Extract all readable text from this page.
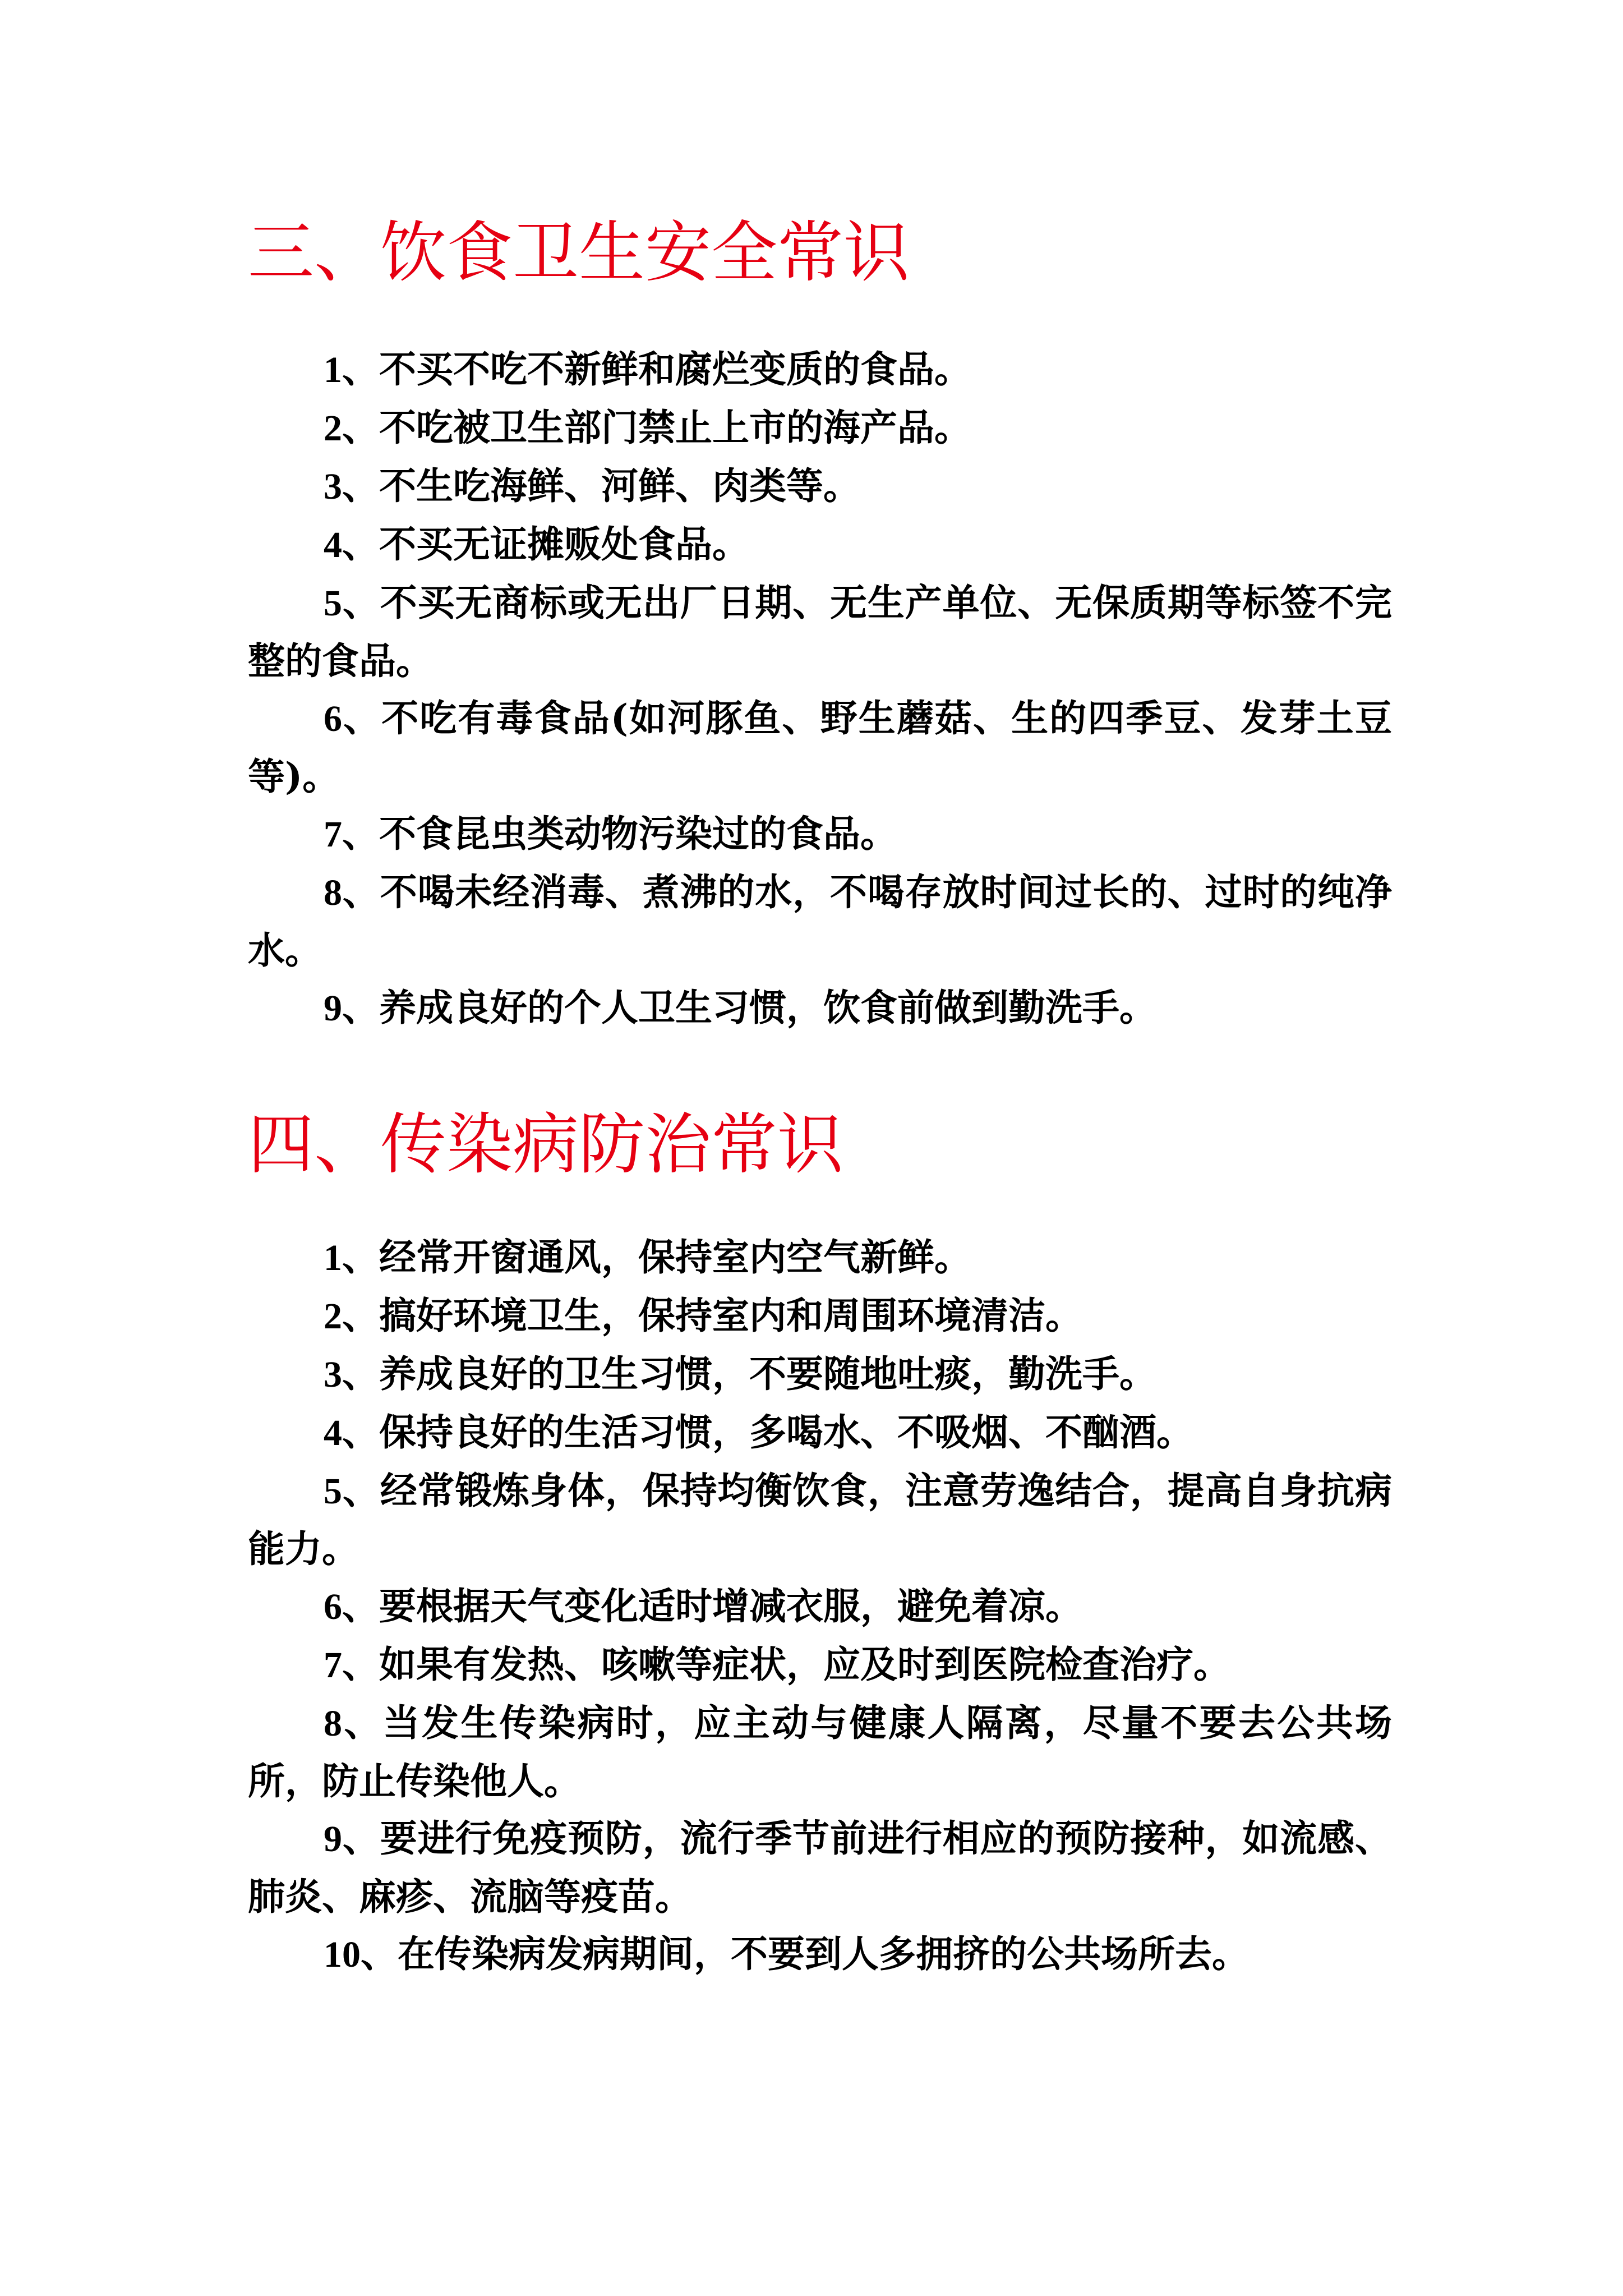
三、饮食卫生安全常识
1、不买不吃不新鲜和腐烂变质的食品。
2、不吃被卫生部门禁止上市的海产品。
3、不生吃海鲜、河鲜、肉类等。
4、不买无证摊贩处食品。
5、不买无商标或无出厂日期、无生产单位、无保质期等标签不完整的食品。
6、不吃有毒食品(如河豚鱼、野生蘑菇、生的四季豆、发芽土豆等)。
7、不食昆虫类动物污染过的食品。
8、不喝未经消毒、煮沸的水，不喝存放时间过长的、过时的纯净水。
9、养成良好的个人卫生习惯，饮食前做到勤洗手。
四、传染病防治常识
1、经常开窗通风，保持室内空气新鲜。
2、搞好环境卫生，保持室内和周围环境清洁。
3、养成良好的卫生习惯，不要随地吐痰，勤洗手。
4、保持良好的生活习惯，多喝水、不吸烟、不酗酒。
5、经常锻炼身体，保持均衡饮食，注意劳逸结合，提高自身抗病能力。
6、要根据天气变化适时增减衣服，避免着凉。
7、如果有发热、咳嗽等症状，应及时到医院检查治疗。
8、当发生传染病时，应主动与健康人隔离，尽量不要去公共场所，防止传染他人。
9、要进行免疫预防，流行季节前进行相应的预防接种，如流感、肺炎、麻疹、流脑等疫苗。
10、在传染病发病期间，不要到人多拥挤的公共场所去。
